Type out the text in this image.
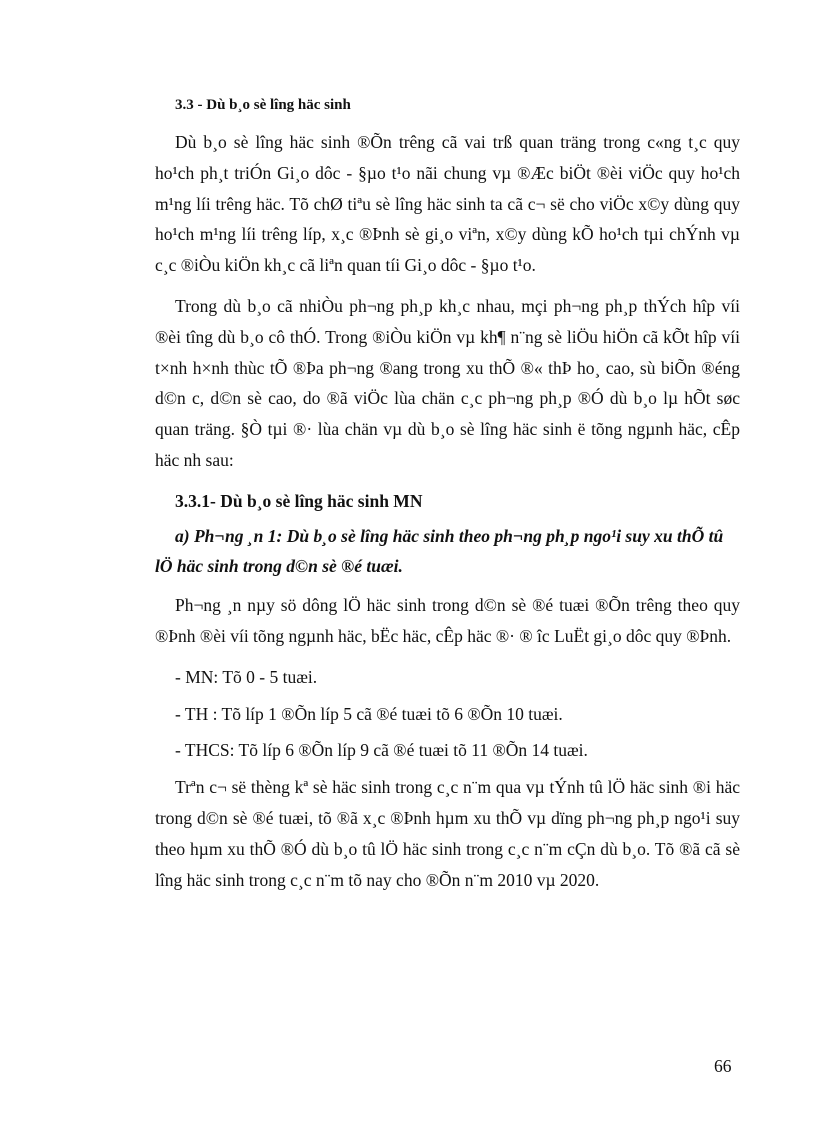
3.3 - Dù b¸o sè lîng häc sinh

Dù b¸o sè lîng häc sinh ®Õn trêng cã vai trß quan träng trong c«ng t¸c quy ho¹ch ph¸t triÓn Gi¸o dôc - §µo t¹o nãi chung vµ ®Æc biÖt ®èi viÖc quy ho¹ch m¹ng líi trêng häc. Tõ chØ tiªu sè lîng häc sinh ta cã c¬ së cho viÖc x©y dùng quy ho¹ch m¹ng líi trêng líp, x¸c ®Þnh sè gi¸o viªn, x©y dùng kÕ ho¹ch tµi chÝnh vµ c¸c ®iÒu kiÖn kh¸c cã liªn quan tíi Gi¸o dôc - §µo t¹o.

Trong dù b¸o cã nhiÒu ph¬ng ph¸p kh¸c nhau, mçi ph¬ng ph¸p thÝch hîp víi ®èi tîng dù b¸o cô thÓ. Trong ®iÒu kiÖn vµ kh¶ n¨ng sè liÖu hiÖn cã kÕt hîp víi t×nh h×nh thùc tÕ ®Þa ph¬ng ®ang trong xu thÕ ®« thÞ ho¸ cao, sù biÕn ®éng d©n c, d©n sè cao, do ®ã viÖc lùa chän c¸c ph¬ng ph¸p ®Ó dù b¸o lµ hÕt søc quan träng. §Ò tµi ®· lùa chän vµ dù b¸o sè lîng häc sinh ë tõng ngµnh häc, cÊp häc nh sau:

3.3.1- Dù b¸o sè lîng häc sinh MN
a) Ph¬ng ¸n 1: Dù b¸o sè lîng häc sinh theo ph¬ng ph¸p ngo¹i suy xu thÕ tû lÖ häc sinh trong d©n sè ®é tuæi.

Ph¬ng ¸n nµy sö dông lÖ häc sinh trong d©n sè ®é tuæi ®Õn trêng theo quy ®Þnh ®èi víi tõng ngµnh häc, bËc häc, cÊp häc ®· ® îc LuËt gi¸o dôc quy ®Þnh.

- MN: Tõ 0 - 5 tuæi.
- TH : Tõ líp 1 ®Õn líp 5 cã ®é tuæi tõ 6 ®Õn 10 tuæi.
- THCS: Tõ líp 6 ®Õn líp 9 cã ®é tuæi tõ 11 ®Õn 14 tuæi.

Trªn c¬ së thèng kª sè häc sinh trong c¸c n¨m qua vµ tÝnh tû lÖ häc sinh ®i häc trong d©n sè ®é tuæi, tõ ®ã x¸c ®Þnh hµm xu thÕ vµ dïng ph¬ng ph¸p ngo¹i suy theo hµm xu thÕ ®Ó dù b¸o tû lÖ häc sinh trong c¸c n¨m cÇn dù b¸o. Tõ ®ã cã sè lîng häc sinh trong c¸c n¨m tõ nay cho ®Õn n¨m 2010 vµ 2020.

66
